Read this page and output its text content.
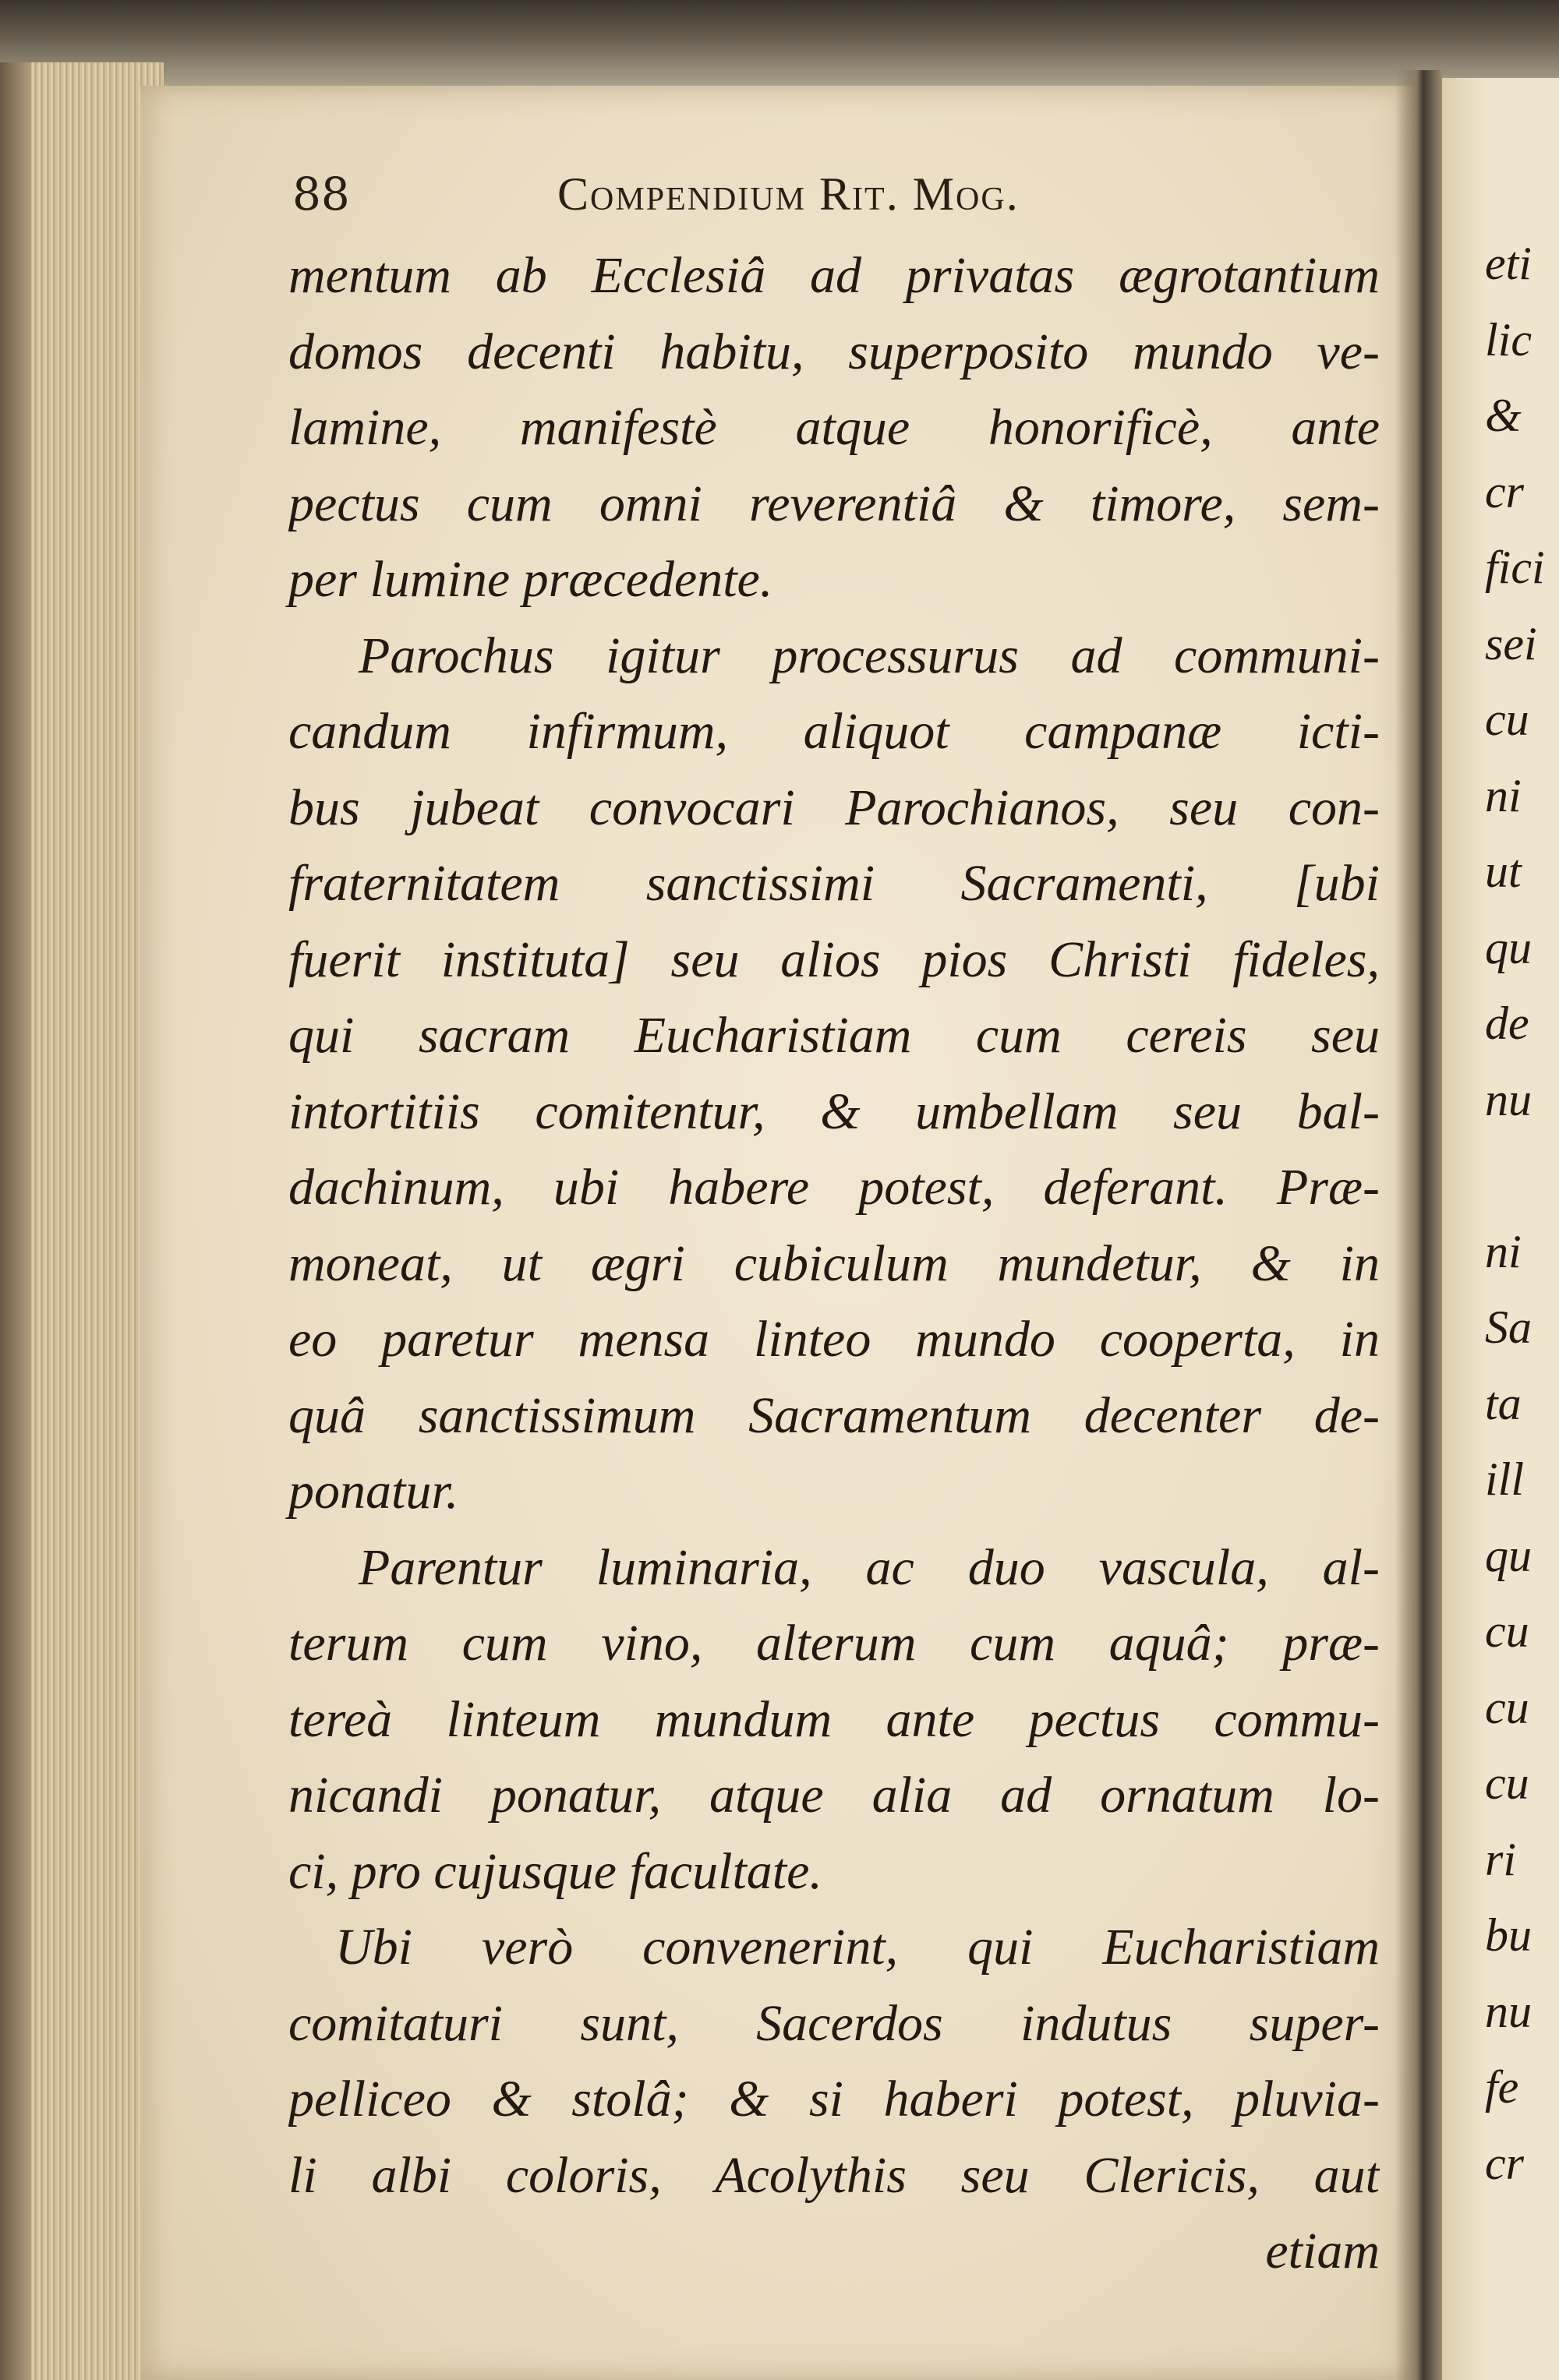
88	Compendium Rit. Mog.
mentum ab Ecclesiâ ad privatas ægrotantium
domos decenti habitu, superposito mundo ve-
lamine, manifestè atque honorificè, ante
pectus cum omni reverentiâ & timore, sem-
per lumine præcedente.
Parochus igitur processurus ad communi-
candum infirmum, aliquot campanæ icti-
bus jubeat convocari Parochianos, seu con-
fraternitatem sanctissimi Sacramenti, [ubi
fuerit instituta] seu alios pios Christi fideles,
qui sacram Eucharistiam cum cereis seu
intortitiis comitentur, & umbellam seu bal-
dachinum, ubi habere potest, deferant. Præ-
moneat, ut ægri cubiculum mundetur, & in
eo paretur mensa linteo mundo cooperta, in
quâ sanctissimum Sacramentum decenter de-
ponatur.
Parentur luminaria, ac duo vascula, al-
terum cum vino, alterum cum aquâ; præ-
tereà linteum mundum ante pectus commu-
nicandi ponatur, atque alia ad ornatum lo-
ci, pro cujusque facultate.
Ubi verò convenerint, qui Eucharistiam
comitaturi sunt, Sacerdos indutus super-
pelliceo & stolâ; & si haberi potest, pluvia-
li albi coloris, Acolythis seu Clericis, aut
etiam
eti
lic
&
cr
fici
sei
cu
ni
ut
qu
de
nu
ni
Sa
ta
ill
qu
cu
cu
cu
ri
bu
nu
fe
cr
